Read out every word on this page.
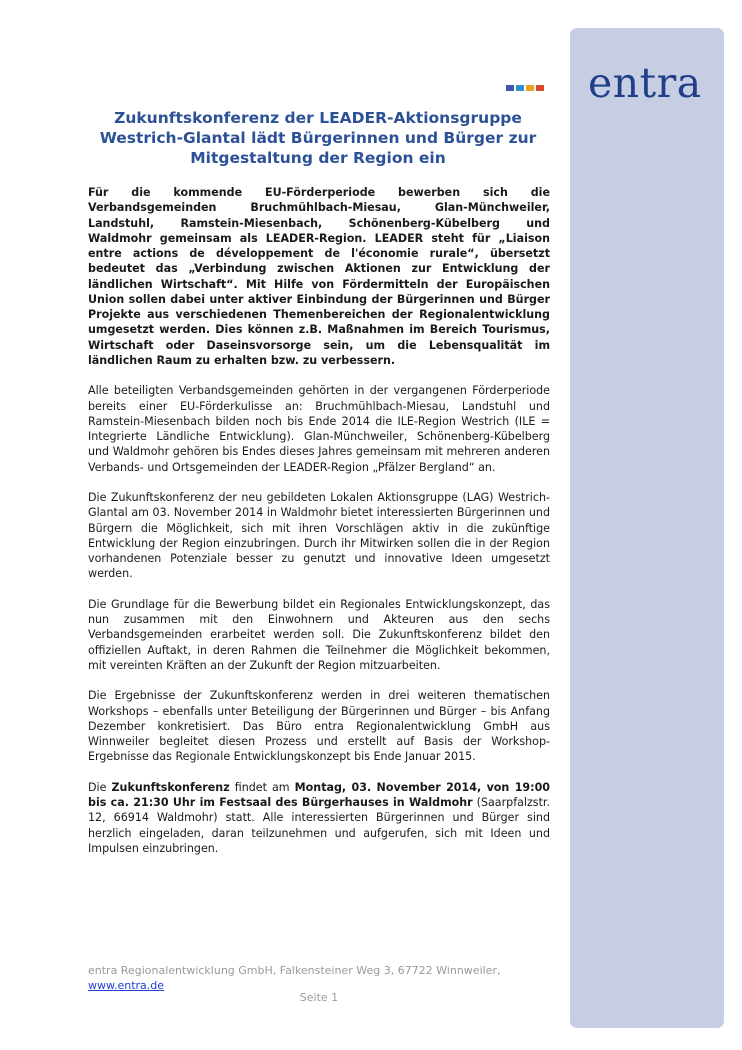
entra
Zukunftskonferenz der LEADER-Aktionsgruppe Westrich-Glantal lädt Bürgerinnen und Bürger zur Mitgestaltung der Region ein

Für die kommende EU-Förderperiode bewerben sich die Verbandsgemeinden Bruchmühlbach-Miesau, Glan-Münchweiler, Landstuhl, Ramstein-Miesenbach, Schönenberg-Kübelberg und Waldmohr gemeinsam als LEADER-Region. LEADER steht für „Liaison entre actions de développement de l'économie rurale“, übersetzt bedeutet das „Verbindung zwischen Aktionen zur Entwicklung der ländlichen Wirtschaft“. Mit Hilfe von Fördermitteln der Europäischen Union sollen dabei unter aktiver Einbindung der Bürgerinnen und Bürger Projekte aus verschiedenen Themenbereichen der Regionalentwicklung umgesetzt werden. Dies können z.B. Maßnahmen im Bereich Tourismus, Wirtschaft oder Daseinsvorsorge sein, um die Lebensqualität im ländlichen Raum zu erhalten bzw. zu verbessern.

Alle beteiligten Verbandsgemeinden gehörten in der vergangenen Förderperiode bereits einer EU-Förderkulisse an: Bruchmühlbach-Miesau, Landstuhl und Ramstein-Miesenbach bilden noch bis Ende 2014 die ILE-Region Westrich (ILE = Integrierte Ländliche Entwicklung). Glan-Münchweiler, Schönenberg-Kübelberg und Waldmohr gehören bis Endes dieses Jahres gemeinsam mit mehreren anderen Verbands- und Ortsgemeinden der LEADER-Region „Pfälzer Bergland“ an.

Die Zukunftskonferenz der neu gebildeten Lokalen Aktionsgruppe (LAG) Westrich-Glantal am 03. November 2014 in Waldmohr bietet interessierten Bürgerinnen und Bürgern die Möglichkeit, sich mit ihren Vorschlägen aktiv in die zukünftige Entwicklung der Region einzubringen. Durch ihr Mitwirken sollen die in der Region vorhandenen Potenziale besser zu genutzt und innovative Ideen umgesetzt werden.

Die Grundlage für die Bewerbung bildet ein Regionales Entwicklungskonzept, das nun zusammen mit den Einwohnern und Akteuren aus den sechs Verbandsgemeinden erarbeitet werden soll. Die Zukunftskonferenz bildet den offiziellen Auftakt, in deren Rahmen die Teilnehmer die Möglichkeit bekommen, mit vereinten Kräften an der Zukunft der Region mitzuarbeiten.

Die Ergebnisse der Zukunftskonferenz werden in drei weiteren thematischen Workshops – ebenfalls unter Beteiligung der Bürgerinnen und Bürger – bis Anfang Dezember konkretisiert. Das Büro entra Regionalentwicklung GmbH aus Winnweiler begleitet diesen Prozess und erstellt auf Basis der Workshop-Ergebnisse das Regionale Entwicklungskonzept bis Ende Januar 2015.

Die Zukunftskonferenz findet am Montag, 03. November 2014, von 19:00 bis ca. 21:30 Uhr im Festsaal des Bürgerhauses in Waldmohr (Saarpfalzstr. 12, 66914 Waldmohr) statt. Alle interessierten Bürgerinnen und Bürger sind herzlich eingeladen, daran teilzunehmen und aufgerufen, sich mit Ideen und Impulsen einzubringen.

entra Regionalentwicklung GmbH, Falkensteiner Weg 3, 67722 Winnweiler,
www.entra.de
Seite 1
